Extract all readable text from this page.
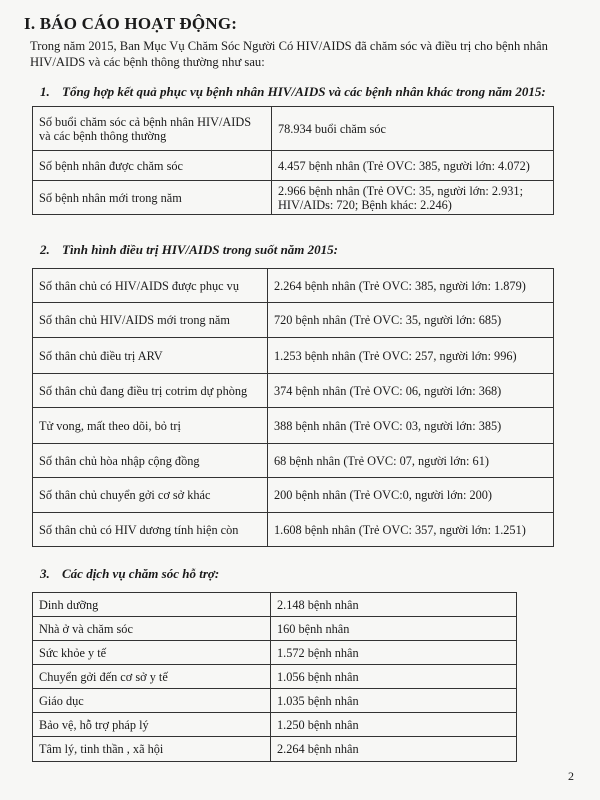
I. BÁO CÁO HOẠT ĐỘNG:
Trong năm 2015, Ban Mục Vụ Chăm Sóc Người Có HIV/AIDS đã chăm sóc và điều trị cho bệnh nhân HIV/AIDS và các bệnh thông thường như sau:
1. Tổng hợp kết quả phục vụ bệnh nhân HIV/AIDS và các bệnh nhân khác trong năm 2015:
Số buổi chăm sóc cả bệnh nhân HIV/AIDS và các bệnh thông thường	78.934 buổi chăm sóc
Số bệnh nhân được chăm sóc	4.457 bệnh nhân (Trẻ OVC: 385, người lớn: 4.072)
Số bệnh nhân mới trong năm	2.966 bệnh nhân (Trẻ OVC: 35, người lớn: 2.931; HIV/AIDs: 720; Bệnh khác: 2.246)
2. Tình hình điều trị HIV/AIDS trong suốt năm 2015:
Số thân chủ có HIV/AIDS được phục vụ	2.264 bệnh nhân (Trẻ OVC: 385, người lớn: 1.879)
Số thân chủ HIV/AIDS mới trong năm	720 bệnh nhân (Trẻ OVC: 35, người lớn: 685)
Số thân chủ điều trị ARV	1.253 bệnh nhân (Trẻ OVC: 257, người lớn: 996)
Số thân chủ đang điều trị cotrim dự phòng	374 bệnh nhân (Trẻ OVC: 06, người lớn: 368)
Tử vong, mất theo dõi, bỏ trị	388 bệnh nhân (Trẻ OVC: 03, người lớn: 385)
Số thân chủ hòa nhập cộng đồng	68 bệnh nhân (Trẻ OVC: 07, người lớn: 61)
Số thân chủ chuyển gởi cơ sở khác	200 bệnh nhân (Trẻ OVC:0, người lớn: 200)
Số thân chủ có HIV dương tính hiện còn	1.608 bệnh nhân (Trẻ OVC: 357, người lớn: 1.251)
3. Các dịch vụ chăm sóc hỗ trợ:
Dinh dưỡng	2.148 bệnh nhân
Nhà ở và chăm sóc	160 bệnh nhân
Sức khỏe y tế	1.572 bệnh nhân
Chuyển gởi đến cơ sở y tế	1.056 bệnh nhân
Giáo dục	1.035 bệnh nhân
Bảo vệ, hỗ trợ pháp lý	1.250 bệnh nhân
Tâm lý, tinh thần , xã hội	2.264 bệnh nhân
2
